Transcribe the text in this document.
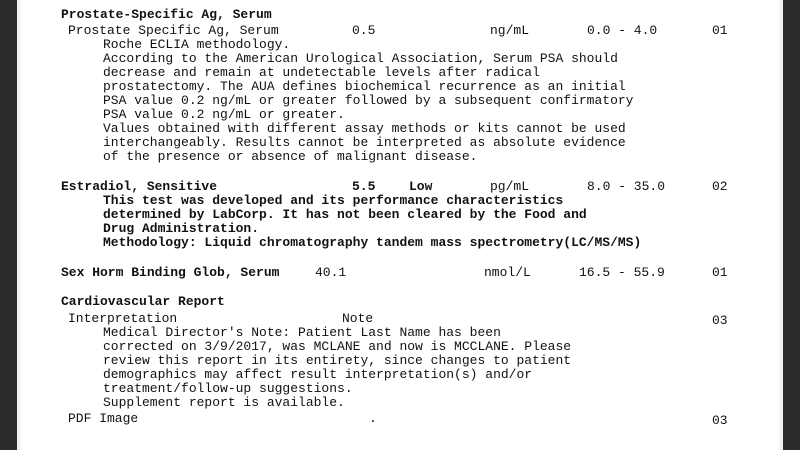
Prostate-Specific Ag, Serum
Prostate Specific Ag, Serum	0.5	ng/mL	0.0 - 4.0	01
Roche ECLIA methodology.
According to the American Urological Association, Serum PSA should
decrease and remain at undetectable levels after radical
prostatectomy. The AUA defines biochemical recurrence as an initial
PSA value 0.2 ng/mL or greater followed by a subsequent confirmatory
PSA value 0.2 ng/mL or greater.
Values obtained with different assay methods or kits cannot be used
interchangeably. Results cannot be interpreted as absolute evidence
of the presence or absence of malignant disease.
Estradiol, Sensitive	5.5	Low	pg/mL	8.0 - 35.0	02
This test was developed and its performance characteristics
determined by LabCorp. It has not been cleared by the Food and
Drug Administration.
Methodology: Liquid chromatography tandem mass spectrometry(LC/MS/MS)
Sex Horm Binding Glob, Serum	40.1	nmol/L	16.5 - 55.9	01
Cardiovascular Report
Interpretation	Note	03
Medical Director's Note: Patient Last Name has been
corrected on 3/9/2017, was MCLANE and now is MCCLANE. Please
review this report in its entirety, since changes to patient
demographics may affect result interpretation(s) and/or
treatment/follow-up suggestions.
Supplement report is available.
PDF Image	.	03
